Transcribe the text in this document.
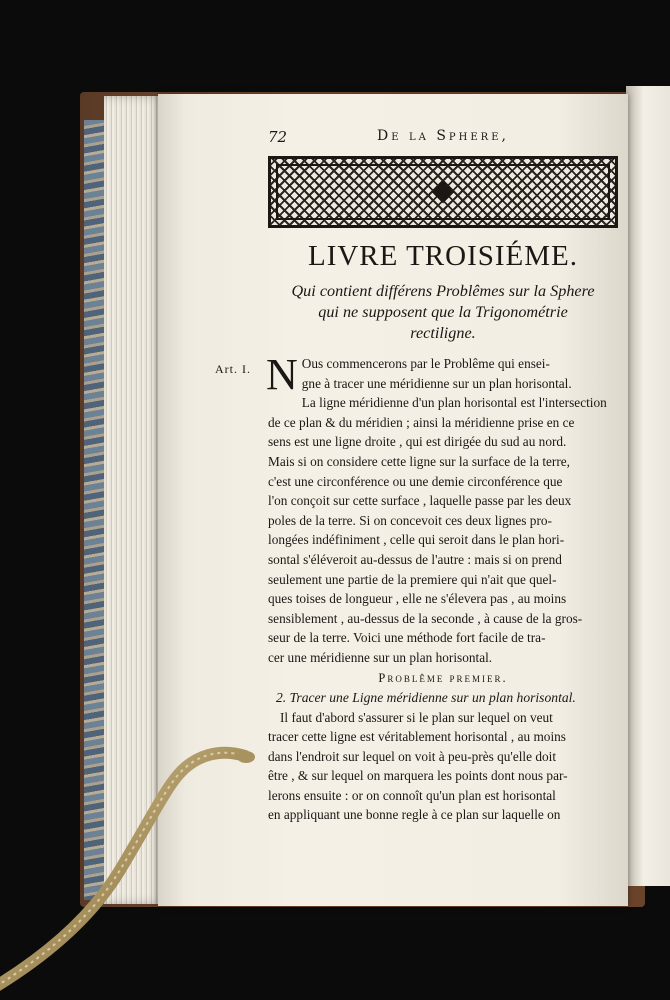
Art. I.
72	De la Sphere,
LIVRE TROISIÉME.
Qui contient différens Problêmes sur la Sphere
qui ne supposent que la Trigonométrie
rectiligne.
N Ous commencerons par le Problême qui ensei-
gne à tracer une méridienne sur un plan horisontal.
La ligne méridienne d'un plan horisontal est l'intersection
de ce plan & du méridien ; ainsi la méridienne prise en ce
sens est une ligne droite , qui est dirigée du sud au nord.
Mais si on considere cette ligne sur la surface de la terre,
c'est une circonférence ou une demie circonférence que
l'on conçoit sur cette surface , laquelle passe par les deux
poles de la terre. Si on concevoit ces deux lignes pro-
longées indéfiniment , celle qui seroit dans le plan hori-
sontal s'éléveroit au-dessus de l'autre : mais si on prend
seulement une partie de la premiere qui n'ait que quel-
ques toises de longueur , elle ne s'élevera pas , au moins
sensiblement , au-dessus de la seconde , à cause de la gros-
seur de la terre. Voici une méthode fort facile de tra-
cer une méridienne sur un plan horisontal.
Problême premier.
2. Tracer une Ligne méridienne sur un plan horisontal.
Il faut d'abord s'assurer si le plan sur lequel on veut
tracer cette ligne est véritablement horisontal , au moins
dans l'endroit sur lequel on voit à peu-près qu'elle doit
être , & sur lequel on marquera les points dont nous par-
lerons ensuite : or on connoît qu'un plan est horisontal
en appliquant une bonne regle à ce plan sur laquelle on
